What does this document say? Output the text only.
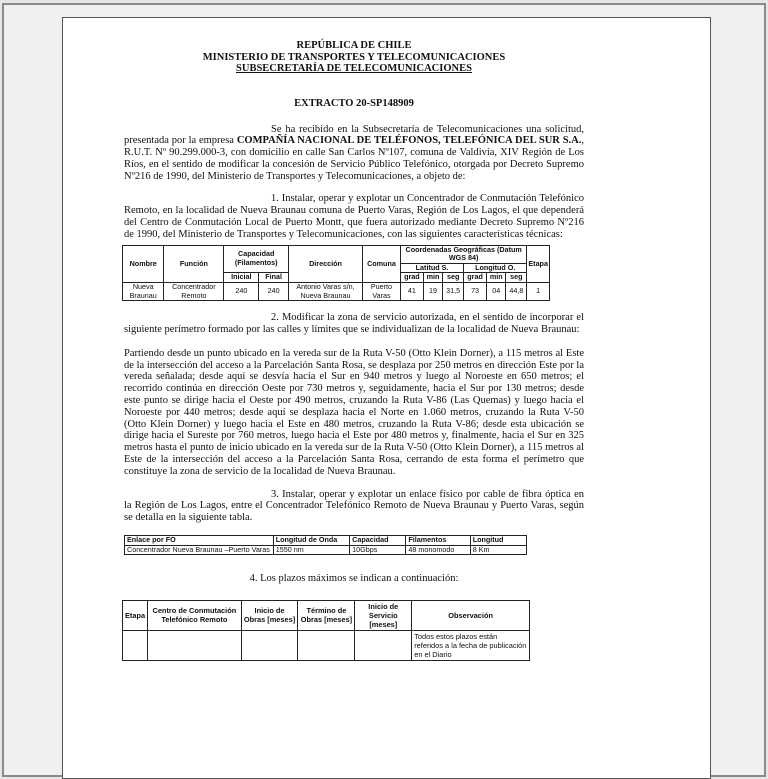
REPÚBLICA DE CHILE
MINISTERIO DE TRANSPORTES Y TELECOMUNICACIONES
SUBSECRETARÍA DE TELECOMUNICACIONES
EXTRACTO 20-SP148909

Se ha recibido en la Subsecretaría de Telecomunicaciones una solicitud, presentada por la empresa COMPAÑÍA NACIONAL DE TELÉFONOS, TELEFÓNICA DEL SUR S.A., R.U.T. Nº 90.299.000-3, con domicilio en calle San Carlos Nº107, comuna de Valdivia, XIV Región de Los Ríos, en el sentido de modificar la concesión de Servicio Público Telefónico, otorgada por Decreto Supremo Nº216 de 1990, del Ministerio de Transportes y Telecomunicaciones, a objeto de:

1. Instalar, operar y explotar un Concentrador de Conmutación Telefónico Remoto, en la localidad de Nueva Braunau comuna de Puerto Varas, Región de Los Lagos, el que dependerá del Centro de Conmutación Local de Puerto Montt, que fuera autorizado mediante Decreto Supremo Nº216 de 1990, del Ministerio de Transportes y Telecomunicaciones, con las siguientes características técnicas:

Nombre	Función	Capacidad (Filamentos)		Dirección	Comuna	Coordenadas Geográficas (Datum WGS 84)						Etapa
						Latitud S.			Longitud O.			
		Inicial	Final			grad	min	seg	grad	min	seg	
Nueva Braunau	Concentrador Remoto	240	240	Antonio Varas s/n, Nueva Braunau	Puerto Varas	41	19	31,5	73	04	44,8	1

2. Modificar la zona de servicio autorizada, en el sentido de incorporar el siguiente perímetro formado por las calles y límites que se individualizan de la localidad de Nueva Braunau:

Partiendo desde un punto ubicado en la vereda sur de la Ruta V-50 (Otto Klein Dorner), a 115 metros al Este de la intersección del acceso a la Parcelación Santa Rosa, se desplaza por 250 metros en dirección Este por la vereda señalada; desde aquí se desvía hacia el Sur en 940 metros y luego al Noroeste en 650 metros; el recorrido continúa en dirección Oeste por 730 metros y, seguidamente, hacia el Sur por 130 metros; desde este punto se dirige hacia el Oeste por 490 metros, cruzando la Ruta V-86 (Las Quemas) y luego hacia el Noroeste por 440 metros; desde aquí se desplaza hacia el Norte en 1.060 metros, cruzando la Ruta V-50 (Otto Klein Dorner) y luego hacia el Este en 480 metros, cruzando la Ruta V-86; desde esta ubicación se dirige hacia el Sureste por 760 metros, luego hacia el Este por 480 metros y, finalmente, hacia el Sur en 325 metros hasta el punto de inicio ubicado en la vereda sur de la Ruta V-50 (Otto Klein Dorner), a 115 metros al Este de la intersección del acceso a la Parcelación Santa Rosa, cerrando de esta forma el perímetro que constituye la zona de servicio de la localidad de Nueva Braunau.

3. Instalar, operar y explotar un enlace físico por cable de fibra óptica en la Región de Los Lagos, entre el Concentrador Telefónico Remoto de Nueva Braunau y Puerto Varas, según se detalla en la siguiente tabla.

Enlace por FO	Longitud de Onda	Capacidad	Filamentos	Longitud
Concentrador Nueva Braunau –Puerto Varas	1550 nm	10Gbps	48 monomodo	8 Km

4. Los plazos máximos se indican a continuación:

Etapa	Centro de Conmutación Telefónico Remoto	Inicio de Obras [meses]	Término de Obras [meses]	Inicio de Servicio [meses]	Observación
					Todos estos plazos están referidos a la fecha de publicación en el Diario
